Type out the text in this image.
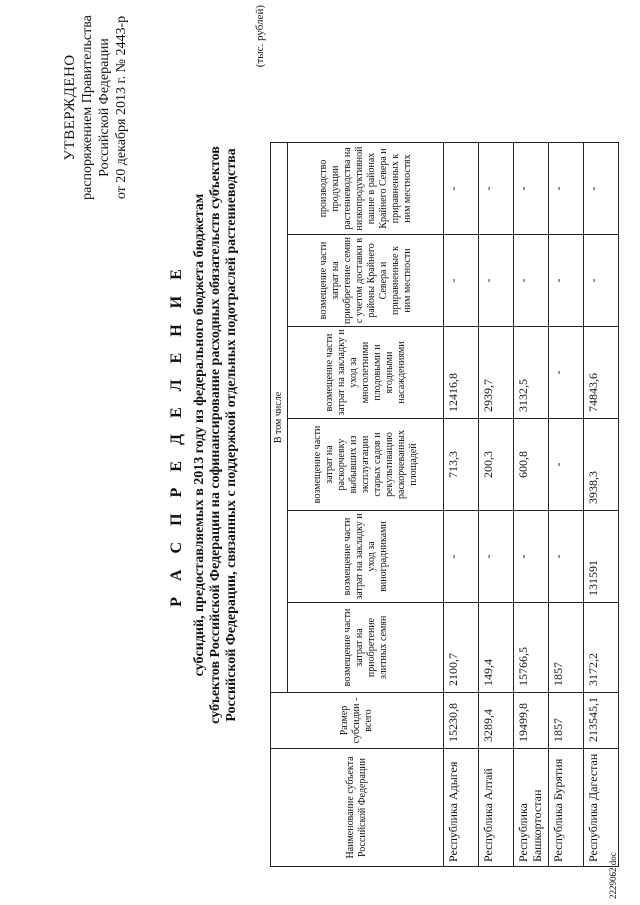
УТВЕРЖДЕНО распоряжением Правительства Российской Федерации от 20 декабря 2013 г. № 2443-р
Р А С П Р Е Д Е Л Е Н И Е субсидий, предоставляемых в 2013 году из федерального бюджета бюджетам субъектов Российской Федерации на софинансирование расходных обязательств субъектов Российской Федерации, связанных с поддержкой отдельных подотраслей растениеводства
(тыс. рублей)
Наименование субъекта Российской Федерации	Размер субсидии - всего	В том числе					
		возмещение части затрат на приобретение элитных семян	возмещение части затрат на закладку и уход за виноградниками	возмещение части затрат на раскорчевку выбывших из эксплуатации старых садов и рекультивацию раскорчеванных площадей	возмещение части затрат на закладку и уход за многолетними плодовыми и ягодными насаждениями	возмещение части затрат на приобретение семян с учетом доставки в районы Крайнего Севера и приравненные к ним местности	производство продукции растениеводства на низкопродуктивной пашне в районах Крайнего Севера и приравненных к ним местностях
Республика Адыгея	15230,8	2100,7	-	713,3	12416,8	-	-
Республика Алтай	3289,4	149,4	-	200,3	2939,7	-	-
Республика Башкортостан	19499,8	15766,5	-	600,8	3132,5	-	-
Республика Бурятия	1857	1857	-	-	-	-	-
Республика Дагестан	213545,1	3172,2	131591	3938,3	74843,6	-	-
2229062.doc
